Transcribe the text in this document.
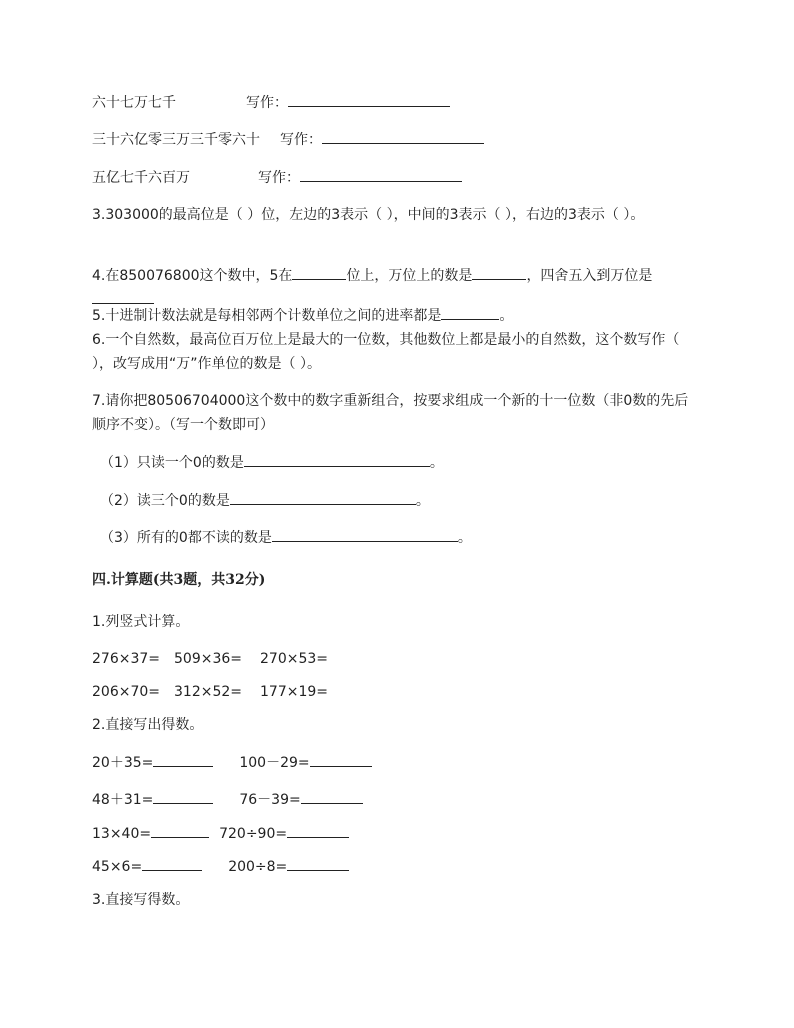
六十七万七千	写作：
三十六亿零三万三千零六十 写作：
五亿七千六百万	写作：
3.303000的最高位是（ ）位，左边的3表示（ ），中间的3表示（ ），右边的3表示（ ）。
4.在850076800这个数中，5在	位上，万位上的数是	，四舍五入到万位是

5.十进制计数法就是每相邻两个计数单位之间的进率都是	。
6.一个自然数，最高位百万位上是最大的一位数，其他数位上都是最小的自然数，这个数写作（ ），改写成用“万”作单位的数是（ ）。
7.请你把80506704000这个数中的数字重新组合，按要求组成一个新的十一位数（非0数的先后顺序不变）。（写一个数即可）
（1）只读一个0的数是	。
（2）读三个0的数是	。
（3）所有的0都不读的数是	。
四.计算题(共3题，共32分)
1.列竖式计算。
276×37= 509×36= 270×53=
206×70= 312×52= 177×19=
2.直接写出得数。
20＋35=	100－29=
48＋31=	76－39=
13×40=	720÷90=
45×6=	200÷8=
3.直接写得数。
